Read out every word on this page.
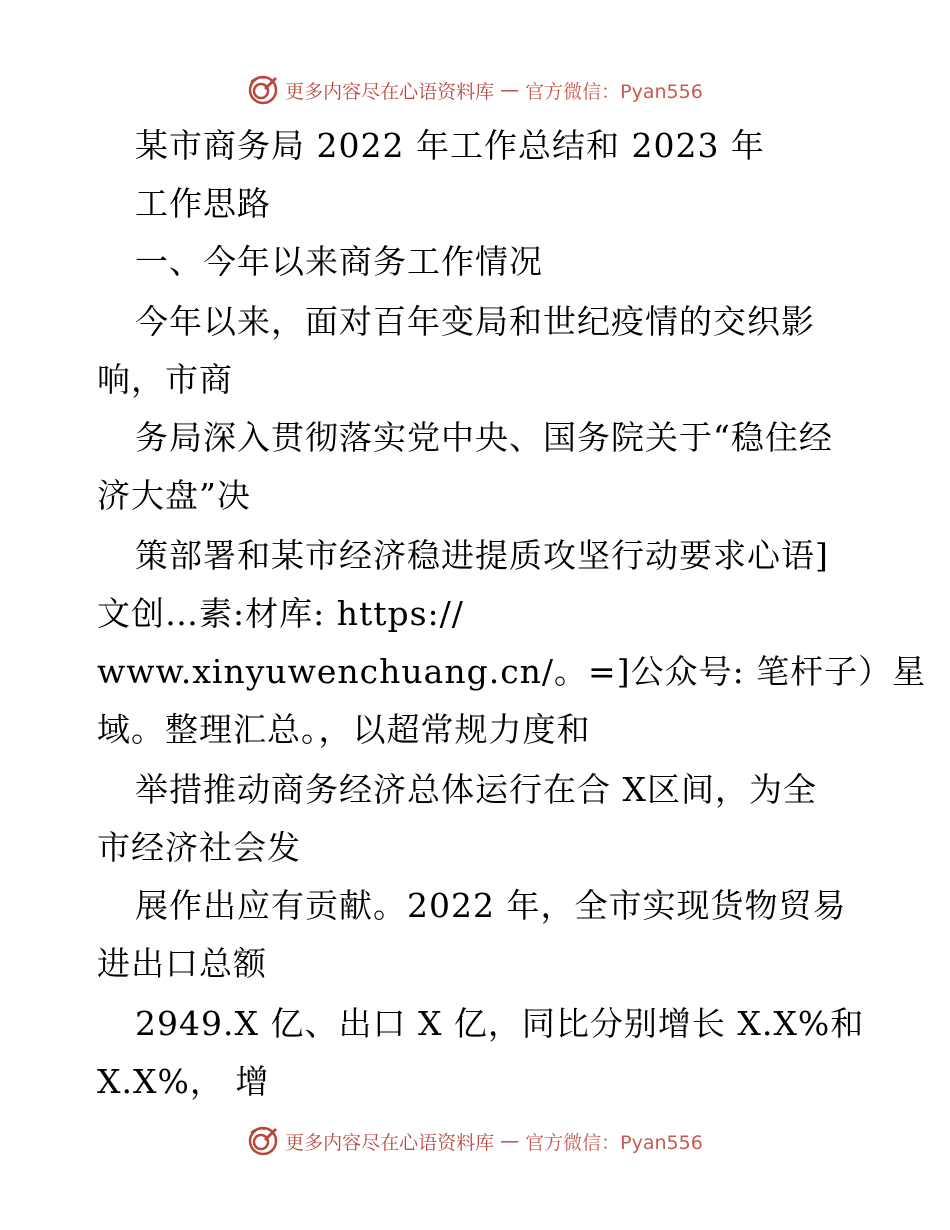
更多内容尽在心语资料库 — 官方微信：Pyan556
某市商务局 2022 年工作总结和 2023 年
工作思路
一、今年以来商务工作情况
今年以来，面对百年变局和世纪疫情的交织影
响，市商
务局深入贯彻落实党中央、国务院关于“稳住经
济大盘”决
策部署和某市经济稳进提质攻坚行动要求心语]
文创…素:材库: https://
www.xinyuwenchuang.cn/。=]公众号: 笔杆子）星
域。整理汇总。，以超常规力度和
举措推动商务经济总体运行在合 X区间，为全
市经济社会发
展作出应有贡献。2022 年，全市实现货物贸易
进出口总额
2949.X 亿、出口 X 亿，同比分别增长 X.X%和
X.X%， 增
更多内容尽在心语资料库 — 官方微信：Pyan556
